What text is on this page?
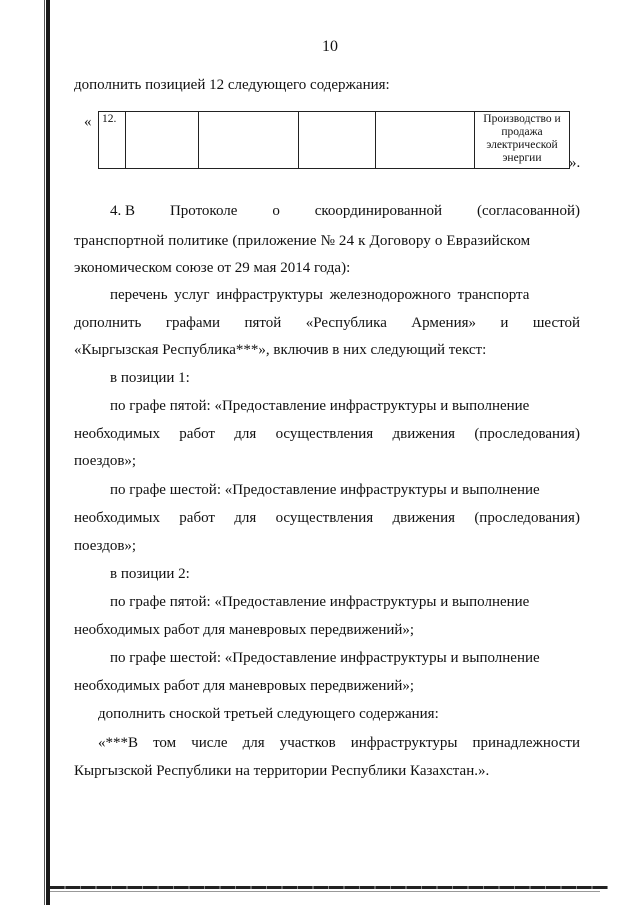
10
дополнить позицией 12 следующего содержания:
« 12.						Производство и продажа электрической энергии ».
4. В Протоколе о скоординированной (согласованной)
транспортной политике (приложение № 24 к Договору о Евразийском
экономическом союзе от 29 мая 2014 года):
перечень услуг инфраструктуры железнодорожного транспорта
дополнить графами пятой «Республика Армения» и шестой
«Кыргызская Республика***», включив в них следующий текст:
в позиции 1:
по графе пятой: «Предоставление инфраструктуры и выполнение
необходимых работ для осуществления движения (проследования)
поездов»;
по графе шестой: «Предоставление инфраструктуры и выполнение
необходимых работ для осуществления движения (проследования)
поездов»;
в позиции 2:
по графе пятой: «Предоставление инфраструктуры и выполнение
необходимых работ для маневровых передвижений»;
по графе шестой: «Предоставление инфраструктуры и выполнение
необходимых работ для маневровых передвижений»;
дополнить сноской третьей следующего содержания:
«***В том числе для участков инфраструктуры принадлежности
Кыргызской Республики на территории Республики Казахстан.».
